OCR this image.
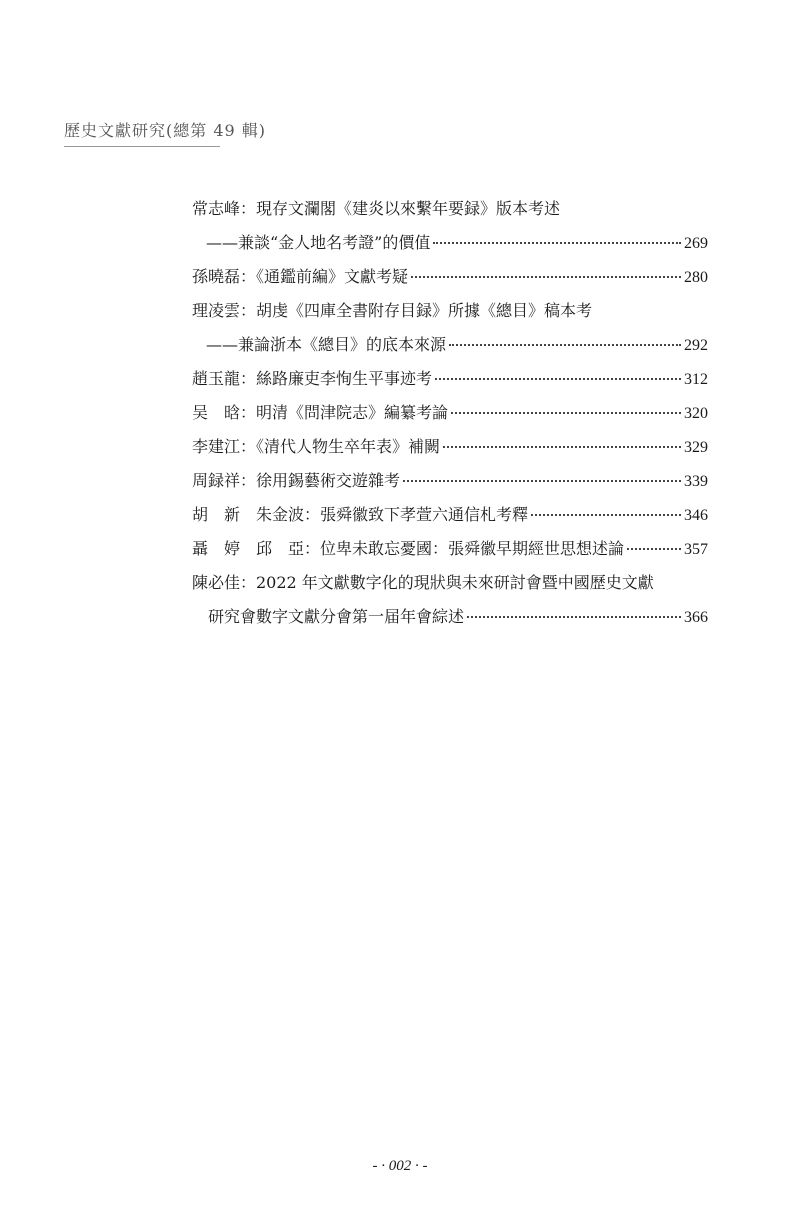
歷史文獻研究(總第 49 輯)
常志峰：現存文瀾閣《建炎以來繫年要録》版本考述
——兼談“金人地名考證”的價值	269
孫曉磊：《通鑑前編》文獻考疑	280
理凌雲：胡虔《四庫全書附存目録》所據《總目》稿本考
——兼論浙本《總目》的底本來源	292
趙玉龍：絲路廉吏李恂生平事迹考	312
吴　晗：明清《問津院志》編纂考論	320
李建江：《清代人物生卒年表》補闕	329
周録祥：徐用錫藝術交遊雜考	339
胡　新　朱金波：張舜徽致下孝萱六通信札考釋	346
聶　婷　邱　亞：位卑未敢忘憂國：張舜徽早期經世思想述論	357
陳必佳：2022 年文獻數字化的現狀與未來研討會暨中國歷史文獻
研究會數字文獻分會第一届年會綜述	366
- · 002 · -
